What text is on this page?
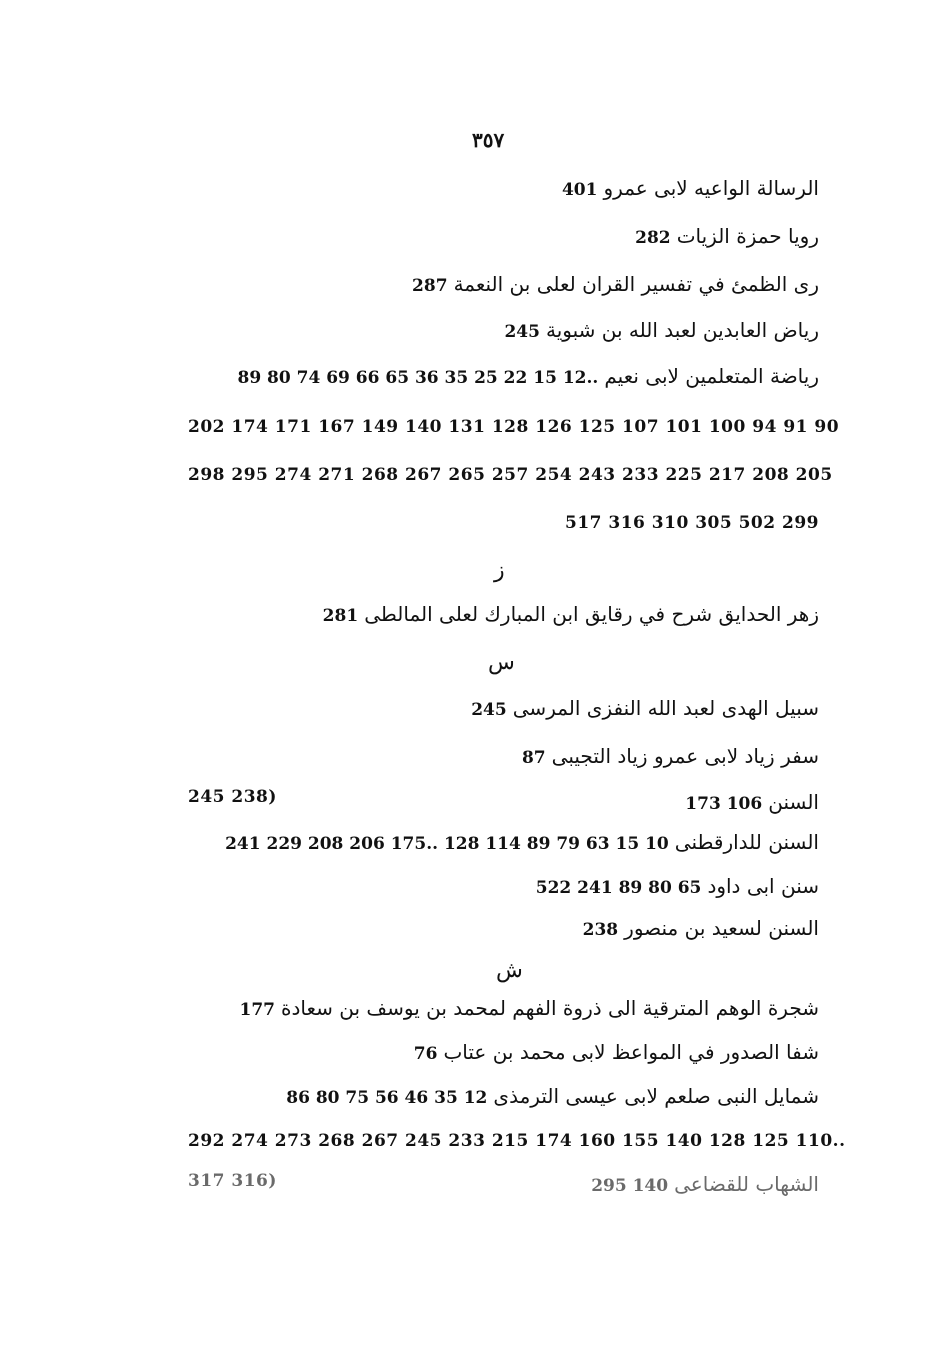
٣٥٧
الرسالة الواعيه لابى عمرو 401
رويا حمزة الزيات 282
رى الظمئ في تفسير القران لعلى بن النعمة 287
رياض العابدين لعبد الله بن شبوية 245
رياضة المتعلمين لابى نعيم 89 80 74 69 66 65 36 35 25 22 15 12..
202 174 171 167 149 140 131 128 126 125 107 101 100 94 91 90
298 295 274 271 268 267 265 257 254 243 233 225 217 208 205
517 316 310 305 502 299
ز
زهر الحدايق شرح في رقايق ابن المبارك لعلى المالطى 281
س
سبيل الهدى لعبد الله النفزى المرسى 245
سفر زياد لابى عمرو زياد التجيبى 87
245 238)	السنن 173 106
السنن للدارقطنى 241 229 208 206 175.. 128 114 89 79 63 15 10
سنن ابى داود 522 241 89 80 65
السنن لسعيد بن منصور 238
ش
شجرة الوهم المترقية الى ذروة الفهم لمحمد بن يوسف بن سعادة 177
شفا الصدور في المواعظ لابى محمد بن عتاب 76
شمايل النبى صلعم لابى عيسى الترمذى 86 80 75 56 46 35 12
292 274 273 268 267 245 233 215 174 160 155 140 128 125 110..
317 316)	الشهاب للقضاعى 295 140
